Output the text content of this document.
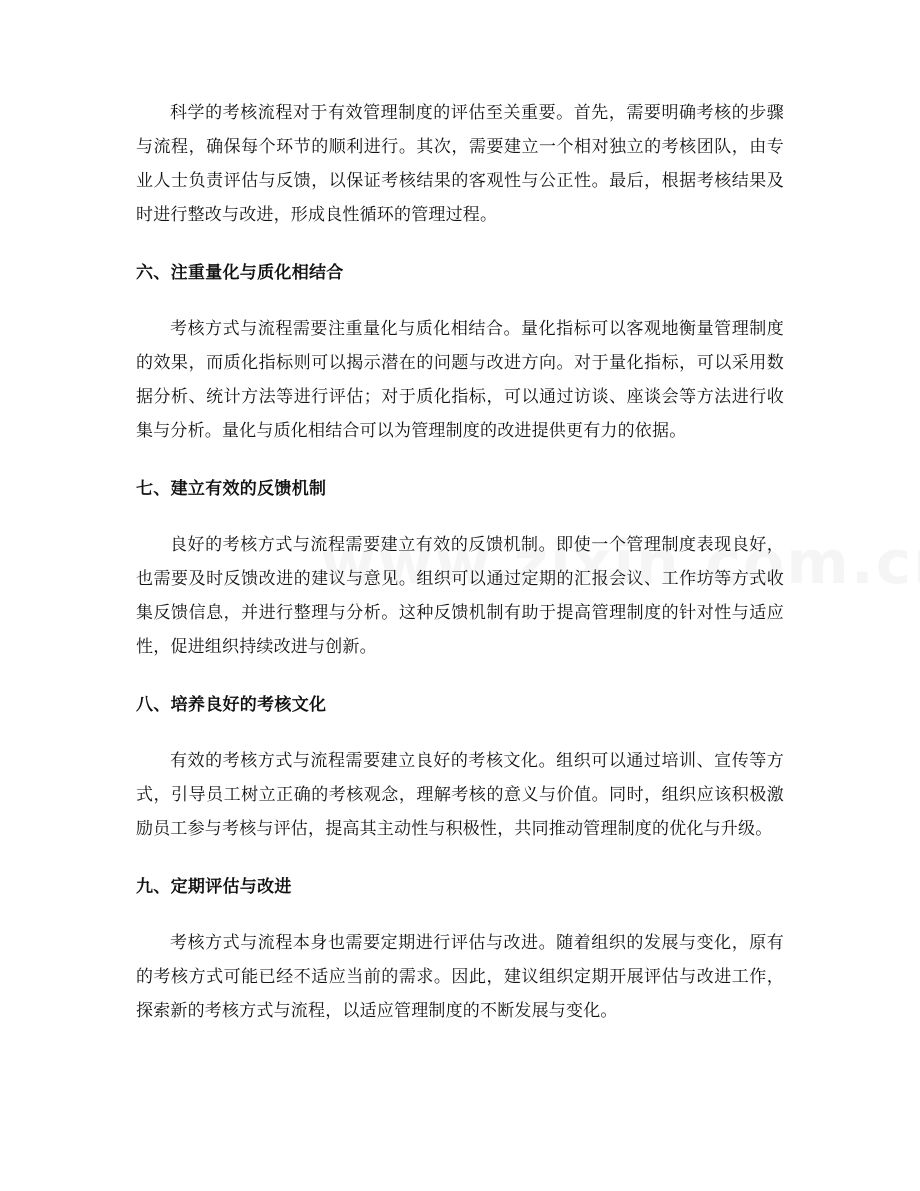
科学的考核流程对于有效管理制度的评估至关重要。首先，需要明确考核的步骤与流程，确保每个环节的顺利进行。其次，需要建立一个相对独立的考核团队，由专业人士负责评估与反馈，以保证考核结果的客观性与公正性。最后，根据考核结果及时进行整改与改进，形成良性循环的管理过程。

六、注重量化与质化相结合

考核方式与流程需要注重量化与质化相结合。量化指标可以客观地衡量管理制度的效果，而质化指标则可以揭示潜在的问题与改进方向。对于量化指标，可以采用数据分析、统计方法等进行评估；对于质化指标，可以通过访谈、座谈会等方法进行收集与分析。量化与质化相结合可以为管理制度的改进提供更有力的依据。

七、建立有效的反馈机制

良好的考核方式与流程需要建立有效的反馈机制。即使一个管理制度表现良好，也需要及时反馈改进的建议与意见。组织可以通过定期的汇报会议、工作坊等方式收集反馈信息，并进行整理与分析。这种反馈机制有助于提高管理制度的针对性与适应性，促进组织持续改进与创新。

八、培养良好的考核文化

有效的考核方式与流程需要建立良好的考核文化。组织可以通过培训、宣传等方式，引导员工树立正确的考核观念，理解考核的意义与价值。同时，组织应该积极激励员工参与考核与评估，提高其主动性与积极性，共同推动管理制度的优化与升级。

九、定期评估与改进

考核方式与流程本身也需要定期进行评估与改进。随着组织的发展与变化，原有的考核方式可能已经不适应当前的需求。因此，建议组织定期开展评估与改进工作，探索新的考核方式与流程，以适应管理制度的不断发展与变化。
